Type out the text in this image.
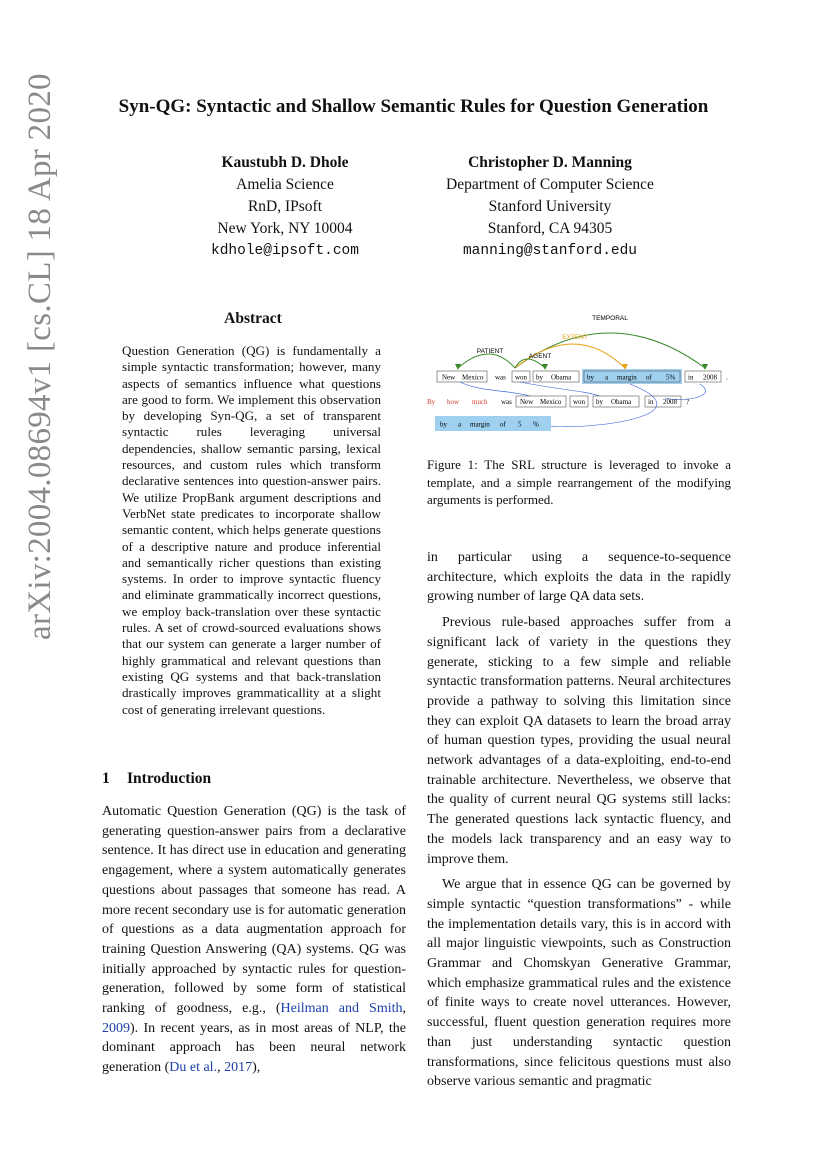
Syn-QG: Syntactic and Shallow Semantic Rules for Question Generation
Kaustubh D. Dhole
Amelia Science
RnD, IPsoft
New York, NY 10004
kdhole@ipsoft.com
Christopher D. Manning
Department of Computer Science
Stanford University
Stanford, CA 94305
manning@stanford.edu
arXiv:2004.08694v1 [cs.CL] 18 Apr 2020	Abstract
Question Generation (QG) is fundamentally a simple syntactic transformation; however, many aspects of semantics influence what questions are good to form. We implement this observation by developing Syn-QG, a set of transparent syntactic rules leveraging universal dependencies, shallow semantic parsing, lexical resources, and custom rules which transform declarative sentences into question-answer pairs. We utilize PropBank argument descriptions and VerbNet state predicates to incorporate shallow semantic content, which helps generate questions of a descriptive nature and produce inferential and semantically richer questions than existing systems. In order to improve syntactic fluency and eliminate grammatically incorrect questions, we employ back-translation over these syntactic rules. A set of crowd-sourced evaluations shows that our system can generate a larger number of highly grammatical and relevant questions than existing QG systems and that back-translation drastically improves grammaticallity at a slight cost of generating irrelevant questions.
1 Introduction
Automatic Question Generation (QG) is the task of generating question-answer pairs from a declarative sentence. It has direct use in education and generating engagement, where a system automatically generates questions about passages that someone has read. A more recent secondary use is for automatic generation of questions as a data augmentation approach for training Question Answering (QA) systems. QG was initially approached by syntactic rules for question-generation, followed by some form of statistical ranking of goodness, e.g., (Heilman and Smith, 2009). In recent years, as in most areas of NLP, the dominant approach has been neural network generation (Du et al., 2017),
TEMPORAL
EXTENT
PATIENT
AGENT
New Mexico was won by Obama by a margin of 5% in 2008 .
By how much was New Mexico won by Obama in 2008 ?
by a margin of 5 %
Figure 1: The SRL structure is leveraged to invoke a template, and a simple rearrangement of the modifying arguments is performed.

in particular using a sequence-to-sequence architecture, which exploits the data in the rapidly growing number of large QA data sets.

Previous rule-based approaches suffer from a significant lack of variety in the questions they generate, sticking to a few simple and reliable syntactic transformation patterns. Neural architectures provide a pathway to solving this limitation since they can exploit QA datasets to learn the broad array of human question types, providing the usual neural network advantages of a data-exploiting, end-to-end trainable architecture. Nevertheless, we observe that the quality of current neural QG systems still lacks: The generated questions lack syntactic fluency, and the models lack transparency and an easy way to improve them.

We argue that in essence QG can be governed by simple syntactic “question transformations” - while the implementation details vary, this is in accord with all major linguistic viewpoints, such as Construction Grammar and Chomskyan Generative Grammar, which emphasize grammatical rules and the existence of finite ways to create novel utterances. However, successful, fluent question generation requires more than just understanding syntactic question transformations, since felicitous questions must also observe various semantic and pragmatic
